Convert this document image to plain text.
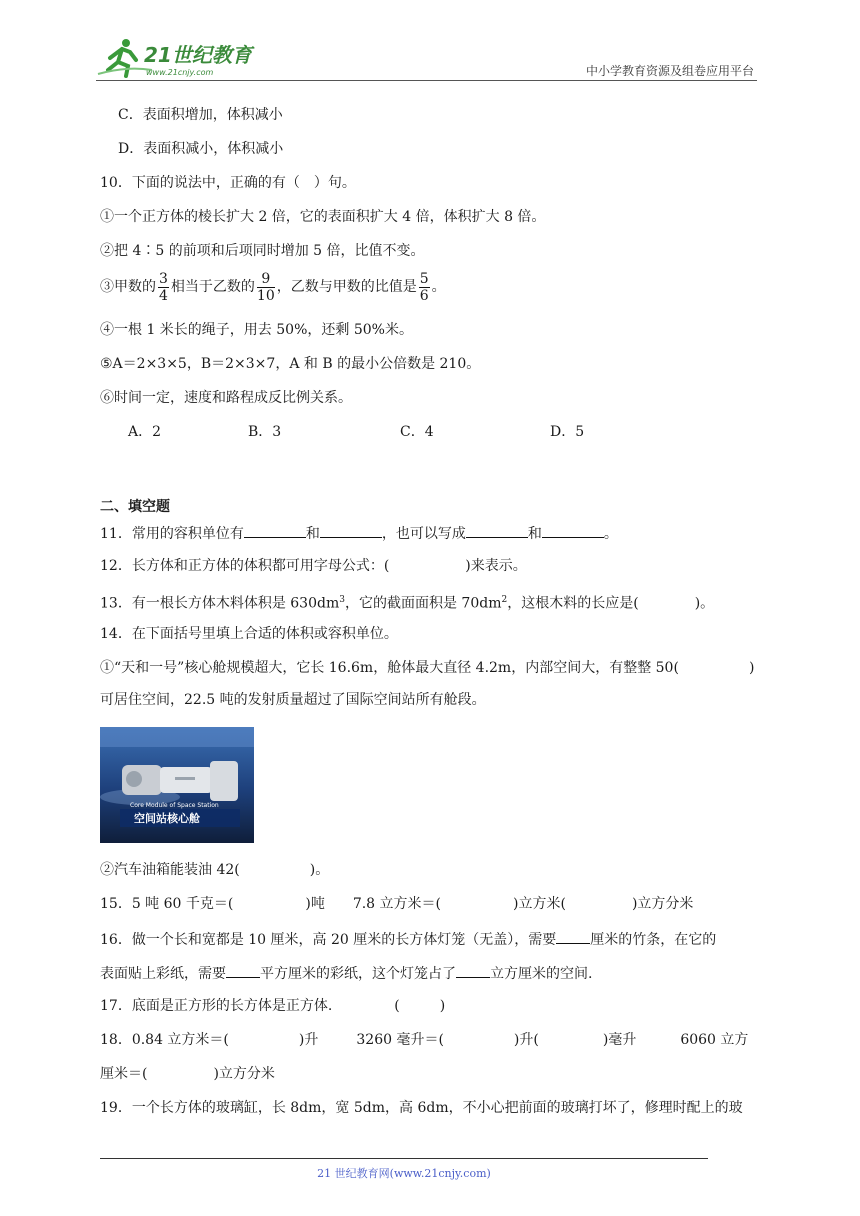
21世纪教育
www.21cnjy.com	中小学教育资源及组卷应用平台
C．表面积增加，体积减小
D．表面积减小，体积减小
10．下面的说法中，正确的有（　）句。
①一个正方体的棱长扩大 2 倍，它的表面积扩大 4 倍，体积扩大 8 倍。
②把 4∶5 的前项和后项同时增加 5 倍，比值不变。
③甲数的 $\frac{3}{4}$ 相当于乙数的 $\frac{9}{10}$ ，乙数与甲数的比值是 $\frac{5}{6}$ 。
④一根 1 米长的绳子，用去 50%，还剩 50%米。
⑤A＝2×3×5，B＝2×3×7，A 和 B 的最小公倍数是 210。
⑥时间一定，速度和路程成反比例关系。
A．2	B．3	C．4	D．5
二、填空题
11．常用的容积单位有	和	，也可以写成	和	。
12．长方体和正方体的体积都可用字母公式：(	)来表示。
13．有一根长方体木料体积是 $630dm^3$，它的截面面积是 $70dm^2$，这根木料的长应是(	)。
14．在下面括号里填上合适的体积或容积单位。
①“天和一号”核心舱规模超大，它长 16.6m，舱体最大直径 4.2m，内部空间大，有整整 50(	)
可居住空间，22.5 吨的发射质量超过了国际空间站所有舱段。
Core Module of Space Station
空间站核心舱
②汽车油箱能装油 42(	)。
15．5 吨 60 千克＝(	)吨 7.8 立方米＝(	)立方米(	)立方分米
16．做一个长和宽都是 10 厘米，高 20 厘米的长方体灯笼（无盖），需要 厘米的竹条，在它的
表面贴上彩纸，需要 平方厘米的彩纸，这个灯笼占了 立方厘米的空间.
17．底面是正方形的长方体是正方体.	(	)
18．0.84 立方米＝(	)升	3260 毫升＝(	)升(	)毫升	6060 立方
厘米＝(	)立方分米
19．一个长方体的玻璃缸，长 8dm，宽 5dm，高 6dm，不小心把前面的玻璃打坏了，修理时配上的玻
21 世纪教育网(www.21cnjy.com)
